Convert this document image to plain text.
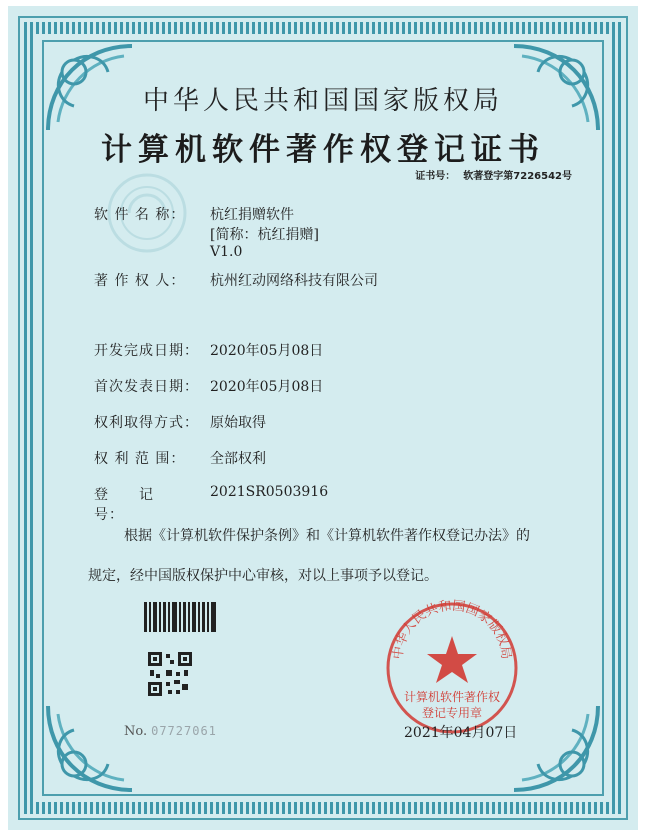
中华人民共和国国家版权局
计算机软件著作权登记证书
证书号： 软著登字第7226542号
软 件 名 称： 杭红捐赠软件
[简称：杭红捐赠]
V1.0
著 作 权 人： 杭州红动网络科技有限公司
开发完成日期： 2020年05月08日
首次发表日期： 2020年05月08日
权利取得方式： 原始取得
权 利 范 围： 全部权利
登　　记　　号：2021SR0503916
根据《计算机软件保护条例》和《计算机软件著作权登记办法》的
规定，经中国版权保护中心审核，对以上事项予以登记。
No. 07727061
中华人民共和国国家版权局
计算机软件著作权
登记专用章
2021年04月07日
